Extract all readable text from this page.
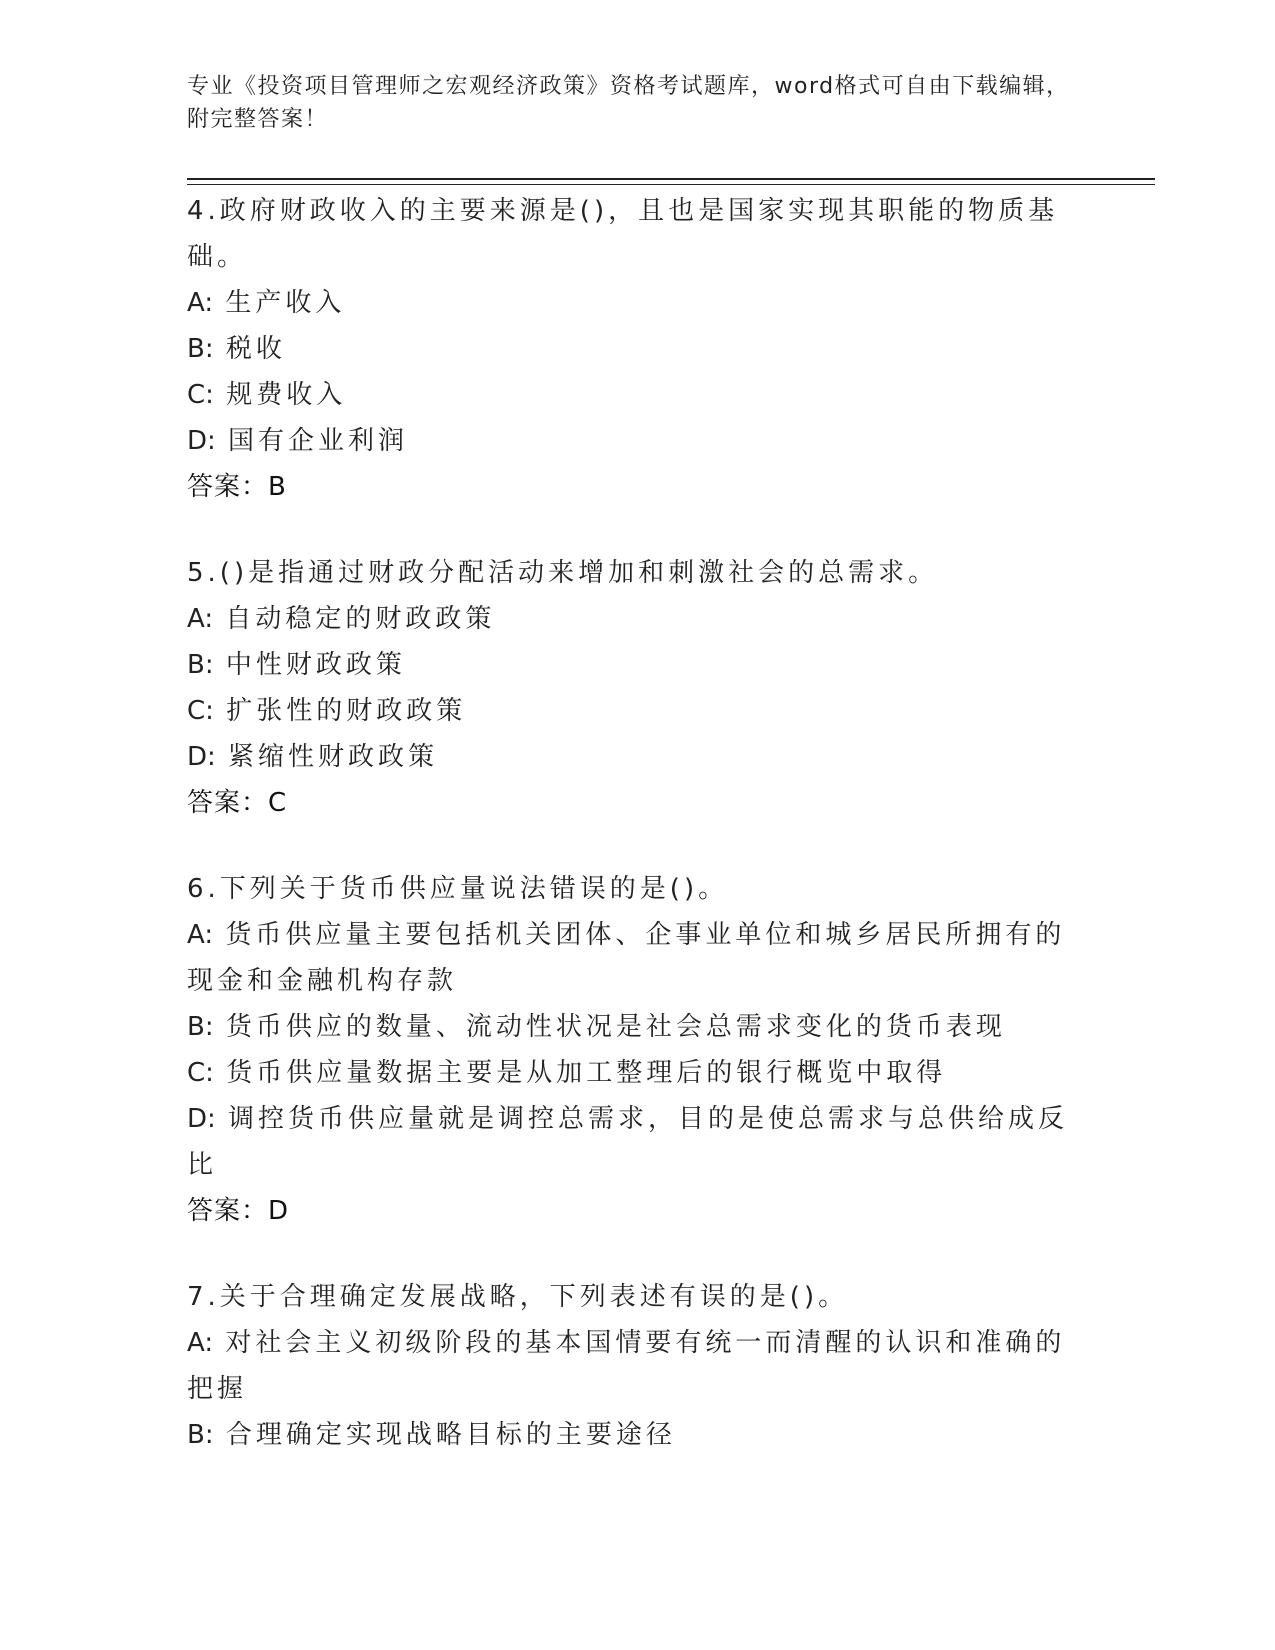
专业《投资项目管理师之宏观经济政策》资格考试题库，word格式可自由下载编辑，附完整答案！

4.政府财政收入的主要来源是()，且也是国家实现其职能的物质基础。

A: 生产收入

B: 税收

C: 规费收入

D: 国有企业利润

答案：B

5.()是指通过财政分配活动来增加和刺激社会的总需求。

A: 自动稳定的财政政策

B: 中性财政政策

C: 扩张性的财政政策

D: 紧缩性财政政策

答案：C

6.下列关于货币供应量说法错误的是()。

A: 货币供应量主要包括机关团体、企事业单位和城乡居民所拥有的现金和金融机构存款

B: 货币供应的数量、流动性状况是社会总需求变化的货币表现

C: 货币供应量数据主要是从加工整理后的银行概览中取得

D: 调控货币供应量就是调控总需求，目的是使总需求与总供给成反比

答案：D

7.关于合理确定发展战略，下列表述有误的是()。

A: 对社会主义初级阶段的基本国情要有统一而清醒的认识和准确的把握

B: 合理确定实现战略目标的主要途径
